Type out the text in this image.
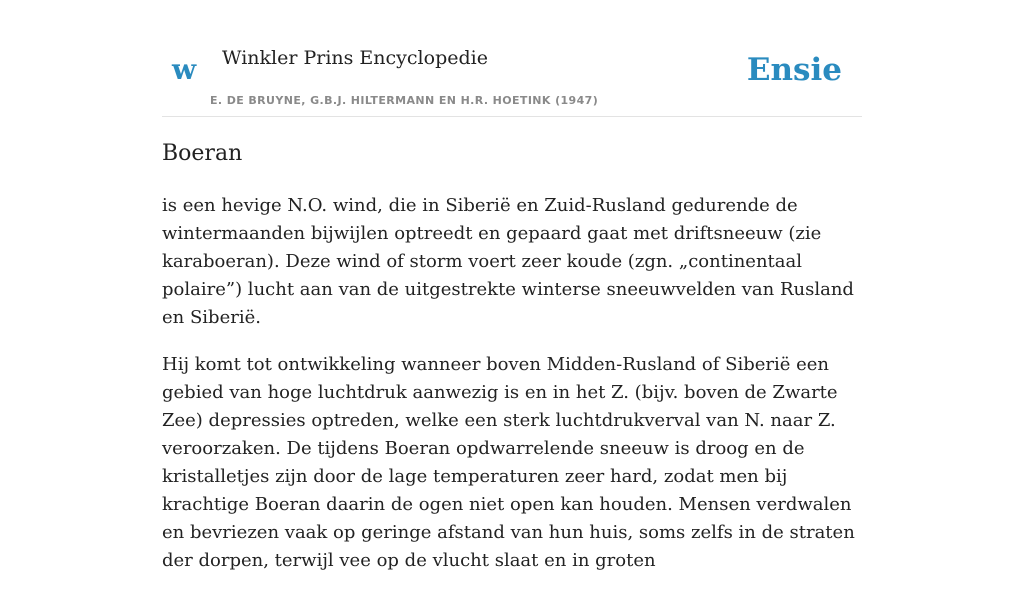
w Winkler Prins Encyclopedie
E. DE BRUYNE, G.B.J. HILTERMANN EN H.R. HOETINK (1947)
Ensie
Boeran

is een hevige N.O. wind, die in Siberië en Zuid-Rusland gedurende de wintermaanden bijwijlen optreedt en gepaard gaat met driftsneeuw (zie karaboeran). Deze wind of storm voert zeer koude (zgn. „continentaal polaire”) lucht aan van de uitgestrekte winterse sneeuwvelden van Rusland en Siberië.

Hij komt tot ontwikkeling wanneer boven Midden-Rusland of Siberië een gebied van hoge luchtdruk aanwezig is en in het Z. (bijv. boven de Zwarte Zee) depressies optreden, welke een sterk luchtdrukverval van N. naar Z. veroorzaken. De tijdens Boeran opdwarrelende sneeuw is droog en de kristalletjes zijn door de lage temperaturen zeer hard, zodat men bij krachtige Boeran daarin de ogen niet open kan houden. Mensen verdwalen en bevriezen vaak op geringe afstand van hun huis, soms zelfs in de straten der dorpen, terwijl vee op de vlucht slaat en in groten
